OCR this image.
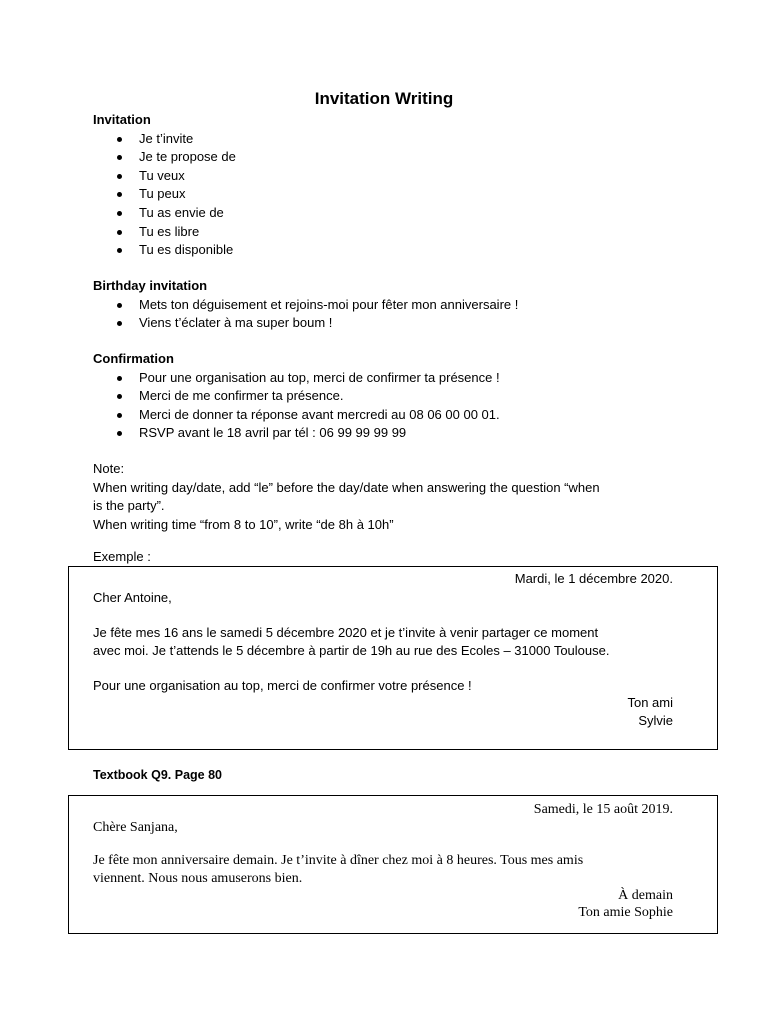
Invitation Writing
Invitation
Je t’invite
Je te propose de
Tu veux
Tu peux
Tu as envie de
Tu es libre
Tu es disponible
Birthday invitation
Mets ton déguisement et rejoins-moi pour fêter mon anniversaire !
Viens t’éclater à ma super boum !
Confirmation
Pour une organisation au top, merci de confirmer ta présence !
Merci de me confirmer ta présence.
Merci de donner ta réponse avant mercredi au 08 06 00 00 01.
RSVP avant le 18 avril par tél : 06 99 99 99 99
Note:
When writing day/date, add “le” before the day/date when answering the question “when
is the party”.
When writing time “from 8 to 10”, write “de 8h à 10h”
Exemple :
Mardi, le 1 décembre 2020.
Cher Antoine,
Je fête mes 16 ans le samedi 5 décembre 2020 et je t’invite à venir partager ce moment
avec moi. Je t’attends le 5 décembre à partir de 19h au rue des Ecoles – 31000 Toulouse.
Pour une organisation au top, merci de confirmer votre présence !
Ton ami
Sylvie
Textbook Q9. Page 80
Samedi, le 15 août 2019.
Chère Sanjana,
Je fête mon anniversaire demain. Je t’invite à dîner chez moi à 8 heures. Tous mes amis
viennent. Nous nous amuserons bien.
À demain
Ton amie Sophie
